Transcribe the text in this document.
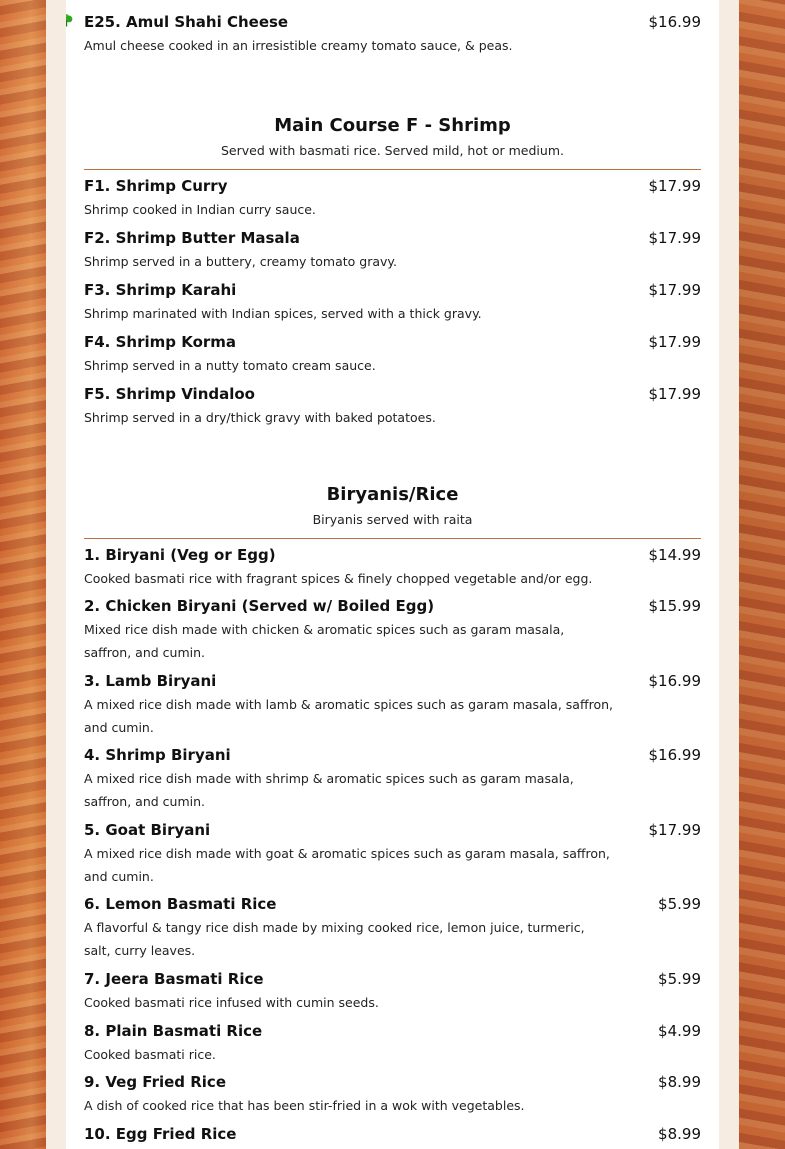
E25. Amul Shahi Cheese
Amul cheese cooked in an irresistible creamy tomato sauce, & peas.
$16.99
Main Course F - Shrimp
Served with basmati rice. Served mild, hot or medium.
F1. Shrimp Curry
Shrimp cooked in Indian curry sauce.
$17.99
F2. Shrimp Butter Masala
Shrimp served in a buttery, creamy tomato gravy.
$17.99
F3. Shrimp Karahi
Shrimp marinated with Indian spices, served with a thick gravy.
$17.99
F4. Shrimp Korma
Shrimp served in a nutty tomato cream sauce.
$17.99
F5. Shrimp Vindaloo
Shrimp served in a dry/thick gravy with baked potatoes.
$17.99
Biryanis/Rice
Biryanis served with raita
1. Biryani (Veg or Egg)
Cooked basmati rice with fragrant spices & finely chopped vegetable and/or egg.
$14.99
2. Chicken Biryani (Served w/ Boiled Egg)
Mixed rice dish made with chicken & aromatic spices such as garam masala, saffron, and cumin.
$15.99
3. Lamb Biryani
A mixed rice dish made with lamb & aromatic spices such as garam masala, saffron, and cumin.
$16.99
4. Shrimp Biryani
A mixed rice dish made with shrimp & aromatic spices such as garam masala, saffron, and cumin.
$16.99
5. Goat Biryani
A mixed rice dish made with goat & aromatic spices such as garam masala, saffron, and cumin.
$17.99
6. Lemon Basmati Rice
A flavorful & tangy rice dish made by mixing cooked rice, lemon juice, turmeric, salt, curry leaves.
$5.99
7. Jeera Basmati Rice
Cooked basmati rice infused with cumin seeds.
$5.99
8. Plain Basmati Rice
Cooked basmati rice.
$4.99
9. Veg Fried Rice
A dish of cooked rice that has been stir-fried in a wok with vegetables.
$8.99
10. Egg Fried Rice	$8.99
